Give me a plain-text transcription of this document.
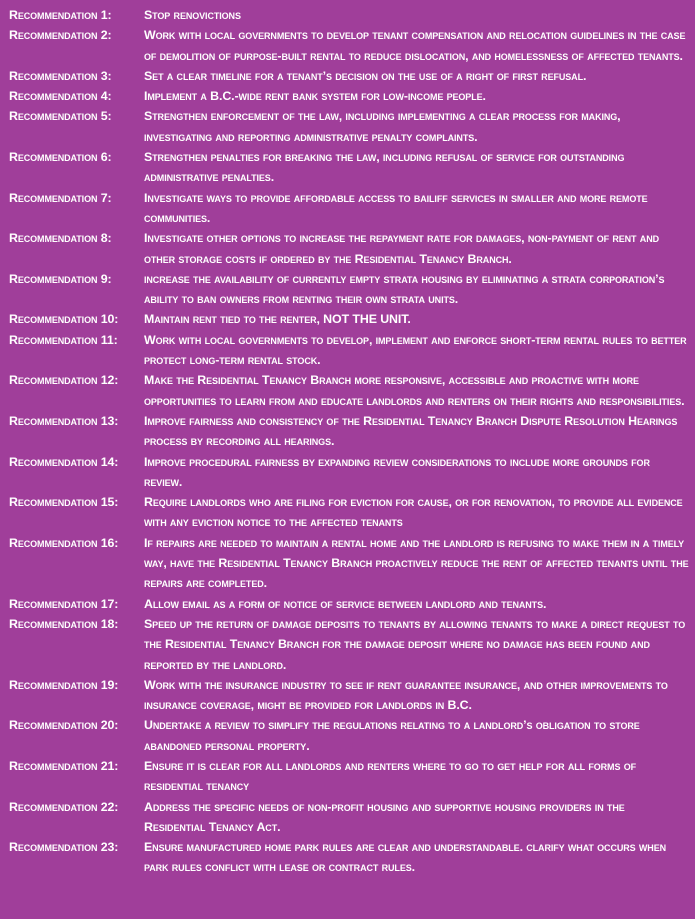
Recommendation 1:	Stop renovictions
Recommendation 2:	Work with local governments to develop tenant compensation and relocation guidelines in the case of demolition of purpose-built rental to reduce dislocation, and homelessness of affected tenants.
Recommendation 3:	Set a clear timeline for a tenant’s decision on the use of a right of first refusal.
Recommendation 4:	Implement a B.C.-wide rent bank system for low-income people.
Recommendation 5:	Strengthen enforcement of the law, including implementing a clear process for making, investigating and reporting administrative penalty complaints.
Recommendation 6:	Strengthen penalties for breaking the law, including refusal of service for outstanding administrative penalties.
Recommendation 7:	Investigate ways to provide affordable access to bailiff services in smaller and more remote communities.
Recommendation 8:	Investigate other options to increase the repayment rate for damages, non-payment of rent and other storage costs if ordered by the Residential Tenancy Branch.
Recommendation 9:	increase the availability of currently empty strata housing by eliminating a strata corporation’s ability to ban owners from renting their own strata units.
Recommendation 10:	Maintain rent tied to the renter, NOT THE UNIT.
Recommendation 11:	Work with local governments to develop, implement and enforce short-term rental rules to better protect long-term rental stock.
Recommendation 12:	Make the Residential Tenancy Branch more responsive, accessible and proactive with more opportunities to learn from and educate landlords and renters on their rights and responsibilities.
Recommendation 13:	Improve fairness and consistency of the Residential Tenancy Branch Dispute Resolution Hearings process by recording all hearings.
Recommendation 14:	Improve procedural fairness by expanding review considerations to include more grounds for review.
Recommendation 15:	Require landlords who are filing for eviction for cause, or for renovation, to provide all evidence with any eviction notice to the affected tenants
Recommendation 16:	If repairs are needed to maintain a rental home and the landlord is refusing to make them in a timely way, have the Residential Tenancy Branch proactively reduce the rent of affected tenants until the repairs are completed.
Recommendation 17:	Allow email as a form of notice of service between landlord and tenants.
Recommendation 18:	Speed up the return of damage deposits to tenants by allowing tenants to make a direct request to the Residential Tenancy Branch for the damage deposit where no damage has been found and reported by the landlord.
Recommendation 19:	Work with the insurance industry to see if rent guarantee insurance, and other improvements to insurance coverage, might be provided for landlords in B.C.
Recommendation 20:	Undertake a review to simplify the regulations relating to a landlord’s obligation to store abandoned personal property.
Recommendation 21:	Ensure it is clear for all landlords and renters where to go to get help for all forms of residential tenancy
Recommendation 22:	Address the specific needs of non-profit housing and supportive housing providers in the Residential Tenancy Act.
Recommendation 23:	Ensure manufactured home park rules are clear and understandable. clarify what occurs when park rules conflict with lease or contract rules.
